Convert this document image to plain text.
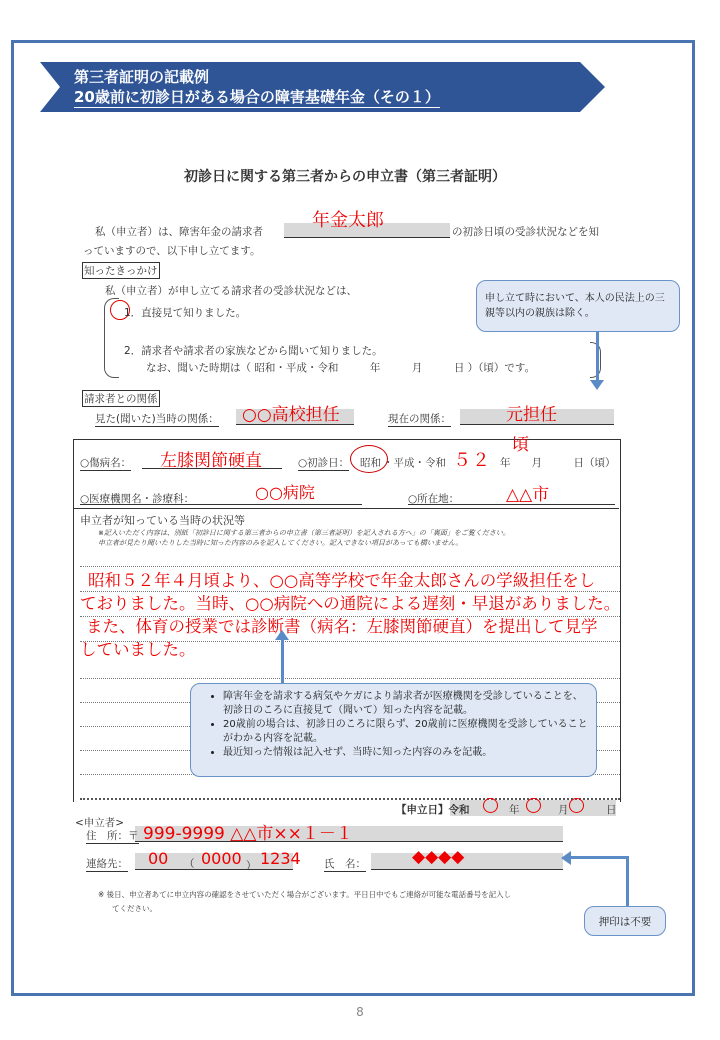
第三者証明の記載例
20歳前に初診日がある場合の障害基礎年金（その１）
初診日に関する第三者からの申立書（第三者証明）
私（申立者）は、障害年金の請求者
年金太郎
の初診日頃の受診状況などを知
っていますので、以下申し立てます。
知ったきっかけ
私（申立者）が申し立てる請求者の受診状況などは、
1．直接見て知りました。
2．請求者や請求者の家族などから聞いて知りました。
なお、聞いた時期は（ 昭和・平成・令和　　　年　　　月　　　日 ）（頃）です。
請求者との関係
見た(聞いた)当時の関係： ○○高校担任	現在の関係：	元担任
○傷病名： 左膝関節硬直	○初診日： 昭和 ・平成・令和 ５２ 年　　月　　　日（頃）
頃
○医療機関名・診療科：	○○病院	○所在地：	△△市
申立者が知っている当時の状況等
※記入いただく内容は、別紙「初診日に関する第三者からの申立書（第三者証明）を記入される方へ」の「裏面」をご覧ください。
申立者が見たり聞いたりした当時に知った内容のみを記入してください。記入できない項目があっても構いません。
昭和５２年４月頃より、○○高等学校で年金太郎さんの学級担任をし
ておりました。当時、○○病院への通院による遅刻・早退がありました。
また、体育の授業では診断書（病名：左膝関節硬直）を提出して見学
していました。
• 障害年金を請求する病気やケガにより請求者が医療機関を受診していることを、初診日のころに直接見て（聞いて）知った内容を記載。
• 20歳前の場合は、初診日のころに限らず、20歳前に医療機関を受診していることがわかる内容を記載。
• 最近知った情報は記入せず、当時に知った内容のみを記載。
申し立て時において、本人の民法上の三親等以内の親族は除く。
【申立日】令和	年	月	日
<申立者>
住　所：〒 999-9999 △△市××１－１
連絡先： 00 （ 0000 ） 1234 氏　名：	◆◆◆◆
押印は不要
※ 後日、申立者あてに申立内容の確認をさせていただく場合がございます。平日日中でもご連絡が可能な電話番号を記入し
てください。
8
